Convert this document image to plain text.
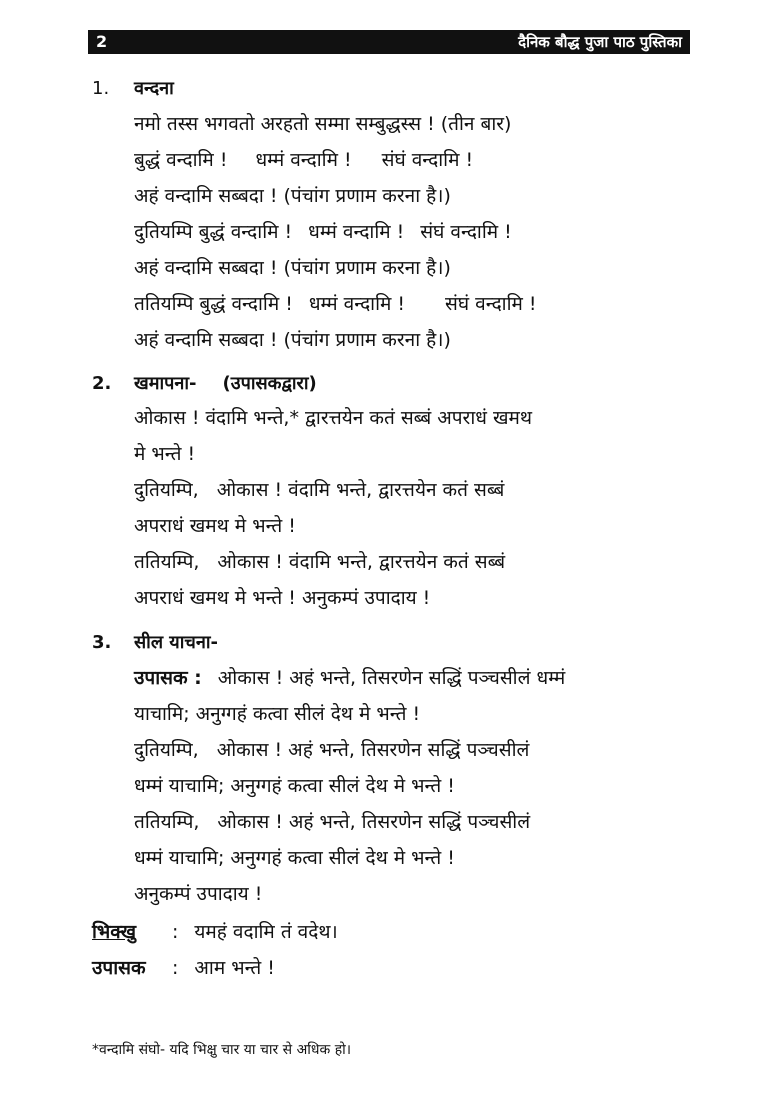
2	दैनिक बौद्ध पुजा पाठ पुस्तिका
1. वन्दना
नमो तस्स भगवतो अरहतो सम्मा सम्बुद्धस्स ! (तीन बार)
बुद्धं वन्दामि ! धम्मं वन्दामि ! संघं वन्दामि !
अहं वन्दामि सब्बदा ! (पंचांग प्रणाम करना है।)
दुतियम्पि बुद्धं वन्दामि ! धम्मं वन्दामि ! संघं वन्दामि !
अहं वन्दामि सब्बदा ! (पंचांग प्रणाम करना है।)
ततियम्पि बुद्धं वन्दामि ! धम्मं वन्दामि ! संघं वन्दामि !
अहं वन्दामि सब्बदा ! (पंचांग प्रणाम करना है।)
2. खमापना- (उपासकद्वारा)
ओकास ! वंदामि भन्ते,* द्वारत्तयेन कतं सब्बं अपराधं खमथ
मे भन्ते !
दुतियम्पि, ओकास ! वंदामि भन्ते, द्वारत्तयेन कतं सब्बं
अपराधं खमथ मे भन्ते !
ततियम्पि, ओकास ! वंदामि भन्ते, द्वारत्तयेन कतं सब्बं
अपराधं खमथ मे भन्ते ! अनुकम्पं उपादाय !
3. सील याचना-
उपासक : ओकास ! अहं भन्ते, तिसरणेन सद्धिं पञ्चसीलं धम्मं
याचामि; अनुग्गहं कत्वा सीलं देथ मे भन्ते !
दुतियम्पि, ओकास ! अहं भन्ते, तिसरणेन सद्धिं पञ्चसीलं
धम्मं याचामि; अनुग्गहं कत्वा सीलं देथ मे भन्ते !
ततियम्पि, ओकास ! अहं भन्ते, तिसरणेन सद्धिं पञ्चसीलं
धम्मं याचामि; अनुग्गहं कत्वा सीलं देथ मे भन्ते !
अनुकम्पं उपादाय !
भिक्खु : यमहं वदामि तं वदेथ।
उपासक : आम भन्ते !
*वन्दामि संघो- यदि भिक्षु चार या चार से अधिक हो।
